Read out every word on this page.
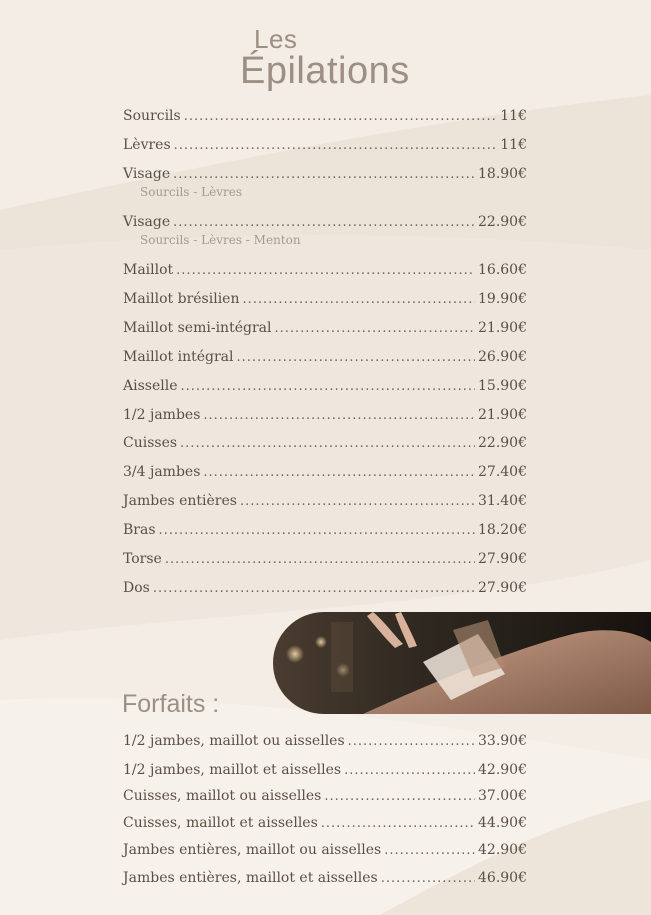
Les
Épilations
Sourcils .....	11€
Lèvres .....	11€
Visage .....	18.90€
Sourcils - Lèvres
Visage .....	22.90€
Sourcils - Lèvres - Menton
Maillot .....	16.60€
Maillot brésilien .....	19.90€
Maillot semi-intégral .....	21.90€
Maillot intégral .....	26.90€
Aisselle .....	15.90€
1/2 jambes .....	21.90€
Cuisses .....	22.90€
3/4 jambes .....	27.40€
Jambes entières .....	31.40€
Bras .....	18.20€
Torse .....	27.90€
Dos .....	27.90€
Forfaits :
1/2 jambes, maillot ou aisselles .....	33.90€
1/2 jambes, maillot et aisselles .....	42.90€
Cuisses, maillot ou aisselles .....	37.00€
Cuisses, maillot et aisselles .....	44.90€
Jambes entières, maillot ou aisselles .....	42.90€
Jambes entières, maillot et aisselles .....	46.90€
